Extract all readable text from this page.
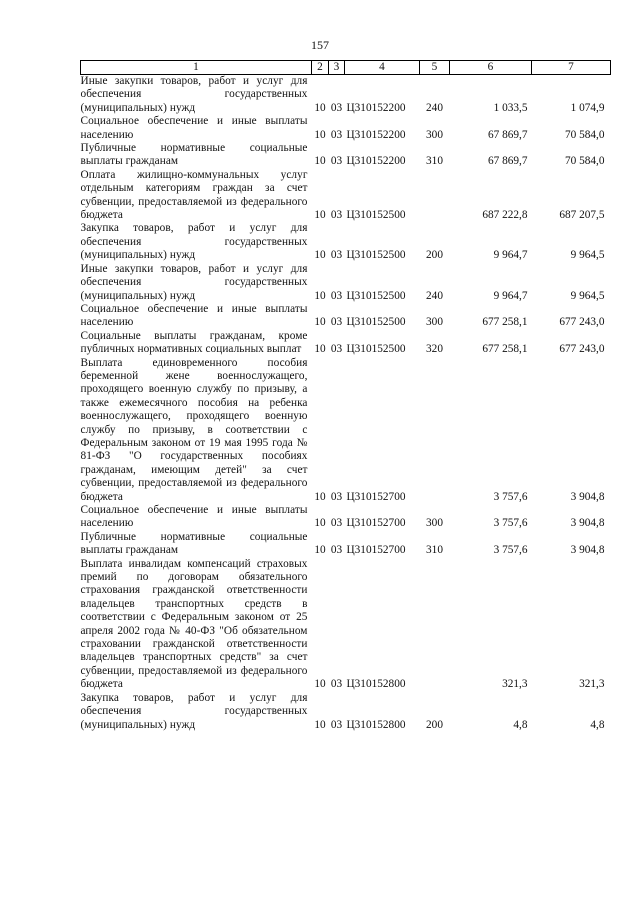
157
1	2	3	4	5	6	7
Иные закупки товаров, работ и услуг для обеспечения государственных (муниципальных) нужд	10	03	Ц310152200	240	1 033,5	1 074,9
Социальное обеспечение и иные выплаты населению	10	03	Ц310152200	300	67 869,7	70 584,0
Публичные нормативные социальные выплаты гражданам	10	03	Ц310152200	310	67 869,7	70 584,0
Оплата жилищно-коммунальных услуг отдельным категориям граждан за счет субвенции, предоставляемой из федерального бюджета	10	03	Ц310152500		687 222,8	687 207,5
Закупка товаров, работ и услуг для обеспечения государственных (муниципальных) нужд	10	03	Ц310152500	200	9 964,7	9 964,5
Иные закупки товаров, работ и услуг для обеспечения государственных (муниципальных) нужд	10	03	Ц310152500	240	9 964,7	9 964,5
Социальное обеспечение и иные выплаты населению	10	03	Ц310152500	300	677 258,1	677 243,0
Социальные выплаты гражданам, кроме публичных нормативных социальных выплат	10	03	Ц310152500	320	677 258,1	677 243,0
Выплата единовременного пособия беременной жене военнослужащего, проходящего военную службу по призыву, а также ежемесячного пособия на ребенка военнослужащего, проходящего военную службу по призыву, в соответствии с Федеральным законом от 19 мая 1995 года № 81-ФЗ "О государственных пособиях гражданам, имеющим детей" за счет субвенции, предоставляемой из федерального бюджета	10	03	Ц310152700		3 757,6	3 904,8
Социальное обеспечение и иные выплаты населению	10	03	Ц310152700	300	3 757,6	3 904,8
Публичные нормативные социальные выплаты гражданам	10	03	Ц310152700	310	3 757,6	3 904,8
Выплата инвалидам компенсаций страховых премий по договорам обязательного страхования гражданской ответственности владельцев транспортных средств в соответствии с Федеральным законом от 25 апреля 2002 года № 40-ФЗ "Об обязательном страховании гражданской ответственности владельцев транспортных средств" за счет субвенции, предоставляемой из федерального бюджета	10	03	Ц310152800		321,3	321,3
Закупка товаров, работ и услуг для обеспечения государственных (муниципальных) нужд	10	03	Ц310152800	200	4,8	4,8
